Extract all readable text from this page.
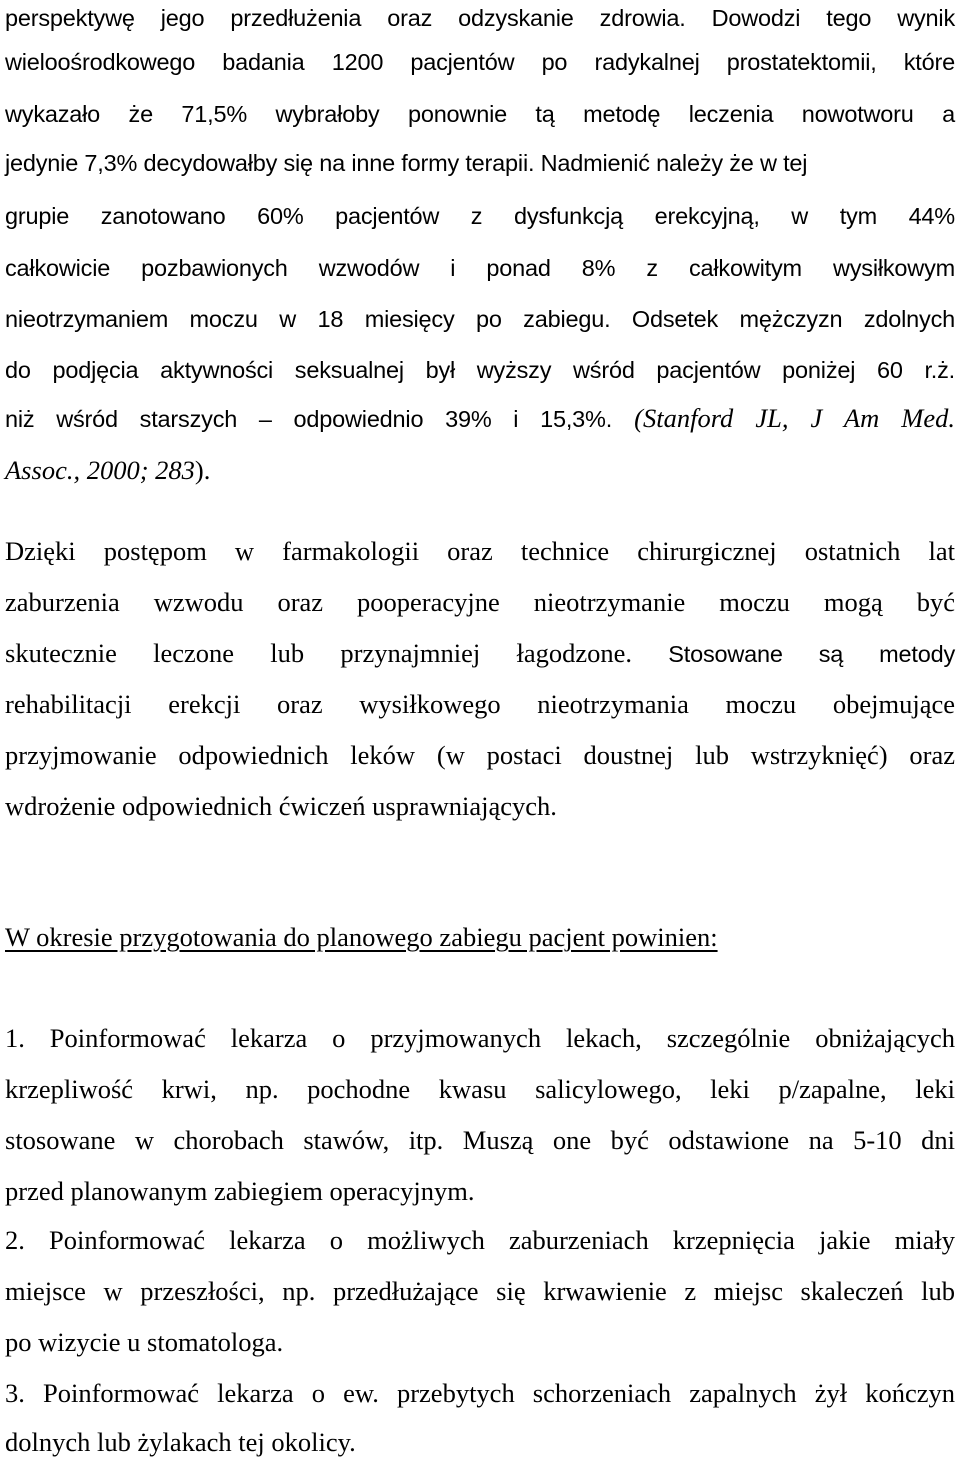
perspektywę jego przedłużenia oraz odzyskanie zdrowia. Dowodzi tego wynik
wieloośrodkowego badania 1200 pacjentów po radykalnej prostatektomii, które
wykazało że 71,5% wybrałoby ponownie tą metodę leczenia nowotworu a
jedynie 7,3% decydowałby się na inne formy terapii. Nadmienić należy że w tej
grupie zanotowano 60% pacjentów z dysfunkcją erekcyjną, w tym 44%
całkowicie pozbawionych wzwodów i ponad 8% z całkowitym wysiłkowym
nieotrzymaniem moczu w 18 miesięcy po zabiegu. Odsetek mężczyzn zdolnych
do podjęcia aktywności seksualnej był wyższy wśród pacjentów poniżej 60 r.ż.
niż wśród starszych – odpowiednio 39% i 15,3%. (Stanford JL, J Am Med.
Assoc., 2000; 283).
Dzięki postępom w farmakologii oraz technice chirurgicznej ostatnich lat
zaburzenia wzwodu oraz pooperacyjne nieotrzymanie moczu mogą być
skutecznie leczone lub przynajmniej łagodzone. Stosowane są metody
rehabilitacji erekcji oraz wysiłkowego nieotrzymania moczu obejmujące
przyjmowanie odpowiednich leków (w postaci doustnej lub wstrzyknięć) oraz
wdrożenie odpowiednich ćwiczeń usprawniających.
W okresie przygotowania do planowego zabiegu pacjent powinien:
1. Poinformować lekarza o przyjmowanych lekach, szczególnie obniżających
krzepliwość krwi, np. pochodne kwasu salicylowego, leki p/zapalne, leki
stosowane w chorobach stawów, itp. Muszą one być odstawione na 5-10 dni
przed planowanym zabiegiem operacyjnym.
2. Poinformować lekarza o możliwych zaburzeniach krzepnięcia jakie miały
miejsce w przeszłości, np. przedłużające się krwawienie z miejsc skaleczeń lub
po wizycie u stomatologa.
3. Poinformować lekarza o ew. przebytych schorzeniach zapalnych żył kończyn
dolnych lub żylakach tej okolicy.
